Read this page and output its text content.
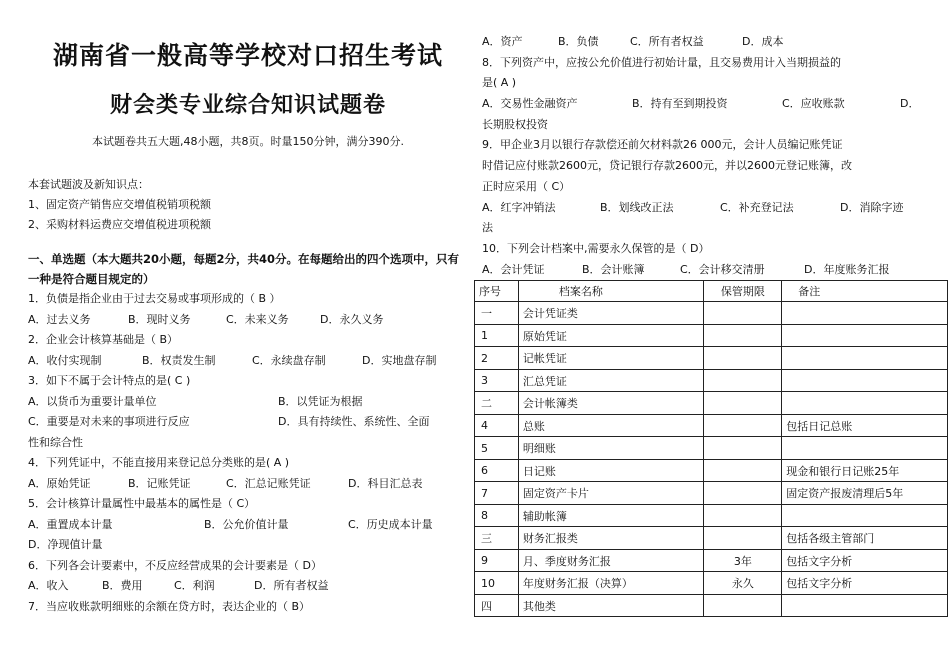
湖南省一般高等学校对口招生考试
财会类专业综合知识试题卷
本试题卷共五大题,48小题，共8页。时量150分钟，满分390分.
本套试题波及新知识点：
1、固定资产销售应交增值税销项税额
2、采购材料运费应交增值税进项税额
一、单选题（本大题共20小题，每题2分，共40分。在每题给出的四个选项中，只有一种是符合题目规定的）
1．负债是指企业由于过去交易或事项形成的（ B ）
A．过去义务	B．现时义务	C．未来义务	D．永久义务
2．企业会计核算基础是（ B）
A．收付实现制	B．权责发生制	C．永续盘存制	D．实地盘存制
3．如下不属于会计特点的是( C )
A．以货币为重要计量单位	B．以凭证为根据
C．重要是对未来的事项进行反应	D．具有持续性、系统性、全面
性和综合性
4．下列凭证中，不能直接用来登记总分类账的是( A )
A．原始凭证	B．记账凭证	C．汇总记账凭证	D．科目汇总表
5．会计核算计量属性中最基本的属性是（ C）
A．重置成本计量	B．公允价值计量	C．历史成本计量
D．净现值计量
6．下列各会计要素中，不反应经营成果的会计要素是（ D）
A．收入	B．费用	C．利润	D．所有者权益
7．当应收账款明细账的余额在贷方时，表达企业的（ B）
A．资产	B．负债	C．所有者权益	D．成本
8．下列资产中，应按公允价值进行初始计量，且交易费用计入当期损益的
是( A )
A．交易性金融资产	B．持有至到期投资	C．应收账款	D．
长期股权投资
9．甲企业3月以银行存款偿还前欠材料款26 000元，会计人员编记账凭证
时借记应付账款2600元，贷记银行存款2600元，并以2600元登记账簿，改
正时应采用（ C）
A．红字冲销法	B．划线改正法	C．补充登记法	D．消除字迹
法
10．下列会计档案中,需要永久保管的是（ D）
A．会计凭证	B．会计账簿	C．会计移交清册	D．年度账务汇报
序号	档案名称	保管期限	备注
一	会计凭证类		
1	原始凭证		
2	记帐凭证		
3	汇总凭证		
二	会计帐簿类		
4	总账		包括日记总账
5	明细账		
6	日记账		现金和银行日记账25年
7	固定资产卡片		固定资产报废清理后5年
8	辅助帐簿		
三	财务汇报类		包括各级主管部门
9	月、季度财务汇报	3年	包括文字分析
10	年度财务汇报（决算）	永久	包括文字分析
四	其他类		
